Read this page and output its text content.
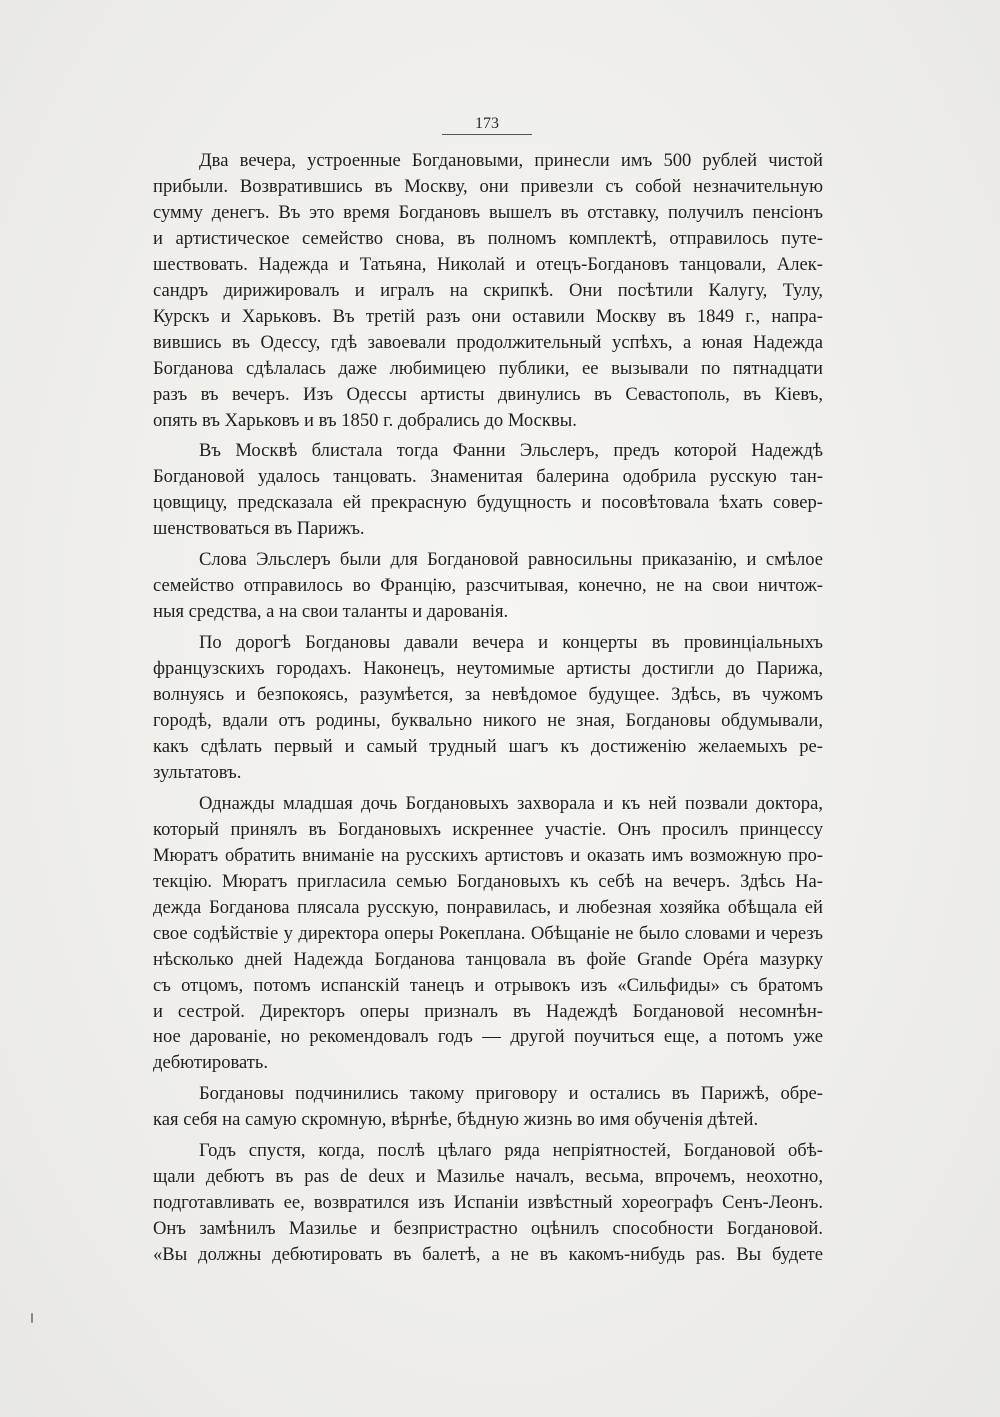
173
Два вечера, устроенные Богдановыми, принесли имъ 500 рублей чистой
прибыли. Возвратившись въ Москву, они привезли съ собой незначительную
сумму денегъ. Въ это время Богдановъ вышелъ въ отставку, получилъ пенсіонъ
и артистическое семейство снова, въ полномъ комплектѣ, отправилось путе-
шествовать. Надежда и Татьяна, Николай и отецъ-Богдановъ танцовали, Алек-
сандръ дирижировалъ и игралъ на скрипкѣ. Они посѣтили Калугу, Тулу,
Курскъ и Харьковъ. Въ третій разъ они оставили Москву въ 1849 г., напра-
вившись въ Одессу, гдѣ завоевали продолжительный успѣхъ, а юная Надежда
Богданова сдѣлалась даже любимицею публики, ее вызывали по пятнадцати
разъ въ вечеръ. Изъ Одессы артисты двинулись въ Севастополь, въ Кіевъ,
опять въ Харьковъ и въ 1850 г. добрались до Москвы.
Въ Москвѣ блистала тогда Фанни Эльслеръ, предъ которой Надеждѣ
Богдановой удалось танцовать. Знаменитая балерина одобрила русскую тан-
цовщицу, предсказала ей прекрасную будущность и посовѣтовала ѣхать совер-
шенствоваться въ Парижъ.
Слова Эльслеръ были для Богдановой равносильны приказанію, и смѣлое
семейство отправилось во Францію, разсчитывая, конечно, не на свои ничтож-
ныя средства, а на свои таланты и дарованія.
По дорогѣ Богдановы давали вечера и концерты въ провинціальныхъ
французскихъ городахъ. Наконецъ, неутомимые артисты достигли до Парижа,
волнуясь и безпокоясь, разумѣется, за невѣдомое будущее. Здѣсь, въ чужомъ
городѣ, вдали отъ родины, буквально никого не зная, Богдановы обдумывали,
какъ сдѣлать первый и самый трудный шагъ къ достиженію желаемыхъ ре-
зультатовъ.
Однажды младшая дочь Богдановыхъ захворала и къ ней позвали доктора,
который принялъ въ Богдановыхъ искреннее участіе. Онъ просилъ принцессу
Мюратъ обратить вниманіе на русскихъ артистовъ и оказать имъ возможную про-
текцію. Мюратъ пригласила семью Богдановыхъ къ себѣ на вечеръ. Здѣсь На-
дежда Богданова плясала русскую, понравилась, и любезная хозяйка обѣщала ей
свое содѣйствіе у директора оперы Рокеплана. Обѣщаніе не было словами и черезъ
нѣсколько дней Надежда Богданова танцовала въ фойе Grande Opéra мазурку
съ отцомъ, потомъ испанскій танецъ и отрывокъ изъ «Сильфиды» съ братомъ
и сестрой. Директоръ оперы призналъ въ Надеждѣ Богдановой несомнѣн-
ное дарованіе, но рекомендовалъ годъ — другой поучиться еще, а потомъ уже
дебютировать.
Богдановы подчинились такому приговору и остались въ Парижѣ, обре-
кая себя на самую скромную, вѣрнѣе, бѣдную жизнь во имя обученія дѣтей.
Годъ спустя, когда, послѣ цѣлаго ряда непріятностей, Богдановой обѣ-
щали дебютъ въ pas de deux и Мазилье началъ, весьма, впрочемъ, неохотно,
подготавливать ее, возвратился изъ Испаніи извѣстный хореографъ Сенъ-Леонъ.
Онъ замѣнилъ Мазилье и безпристрастно оцѣнилъ способности Богдановой.
«Вы должны дебютировать въ балетѣ, а не въ какомъ-нибудь pas. Вы будете
